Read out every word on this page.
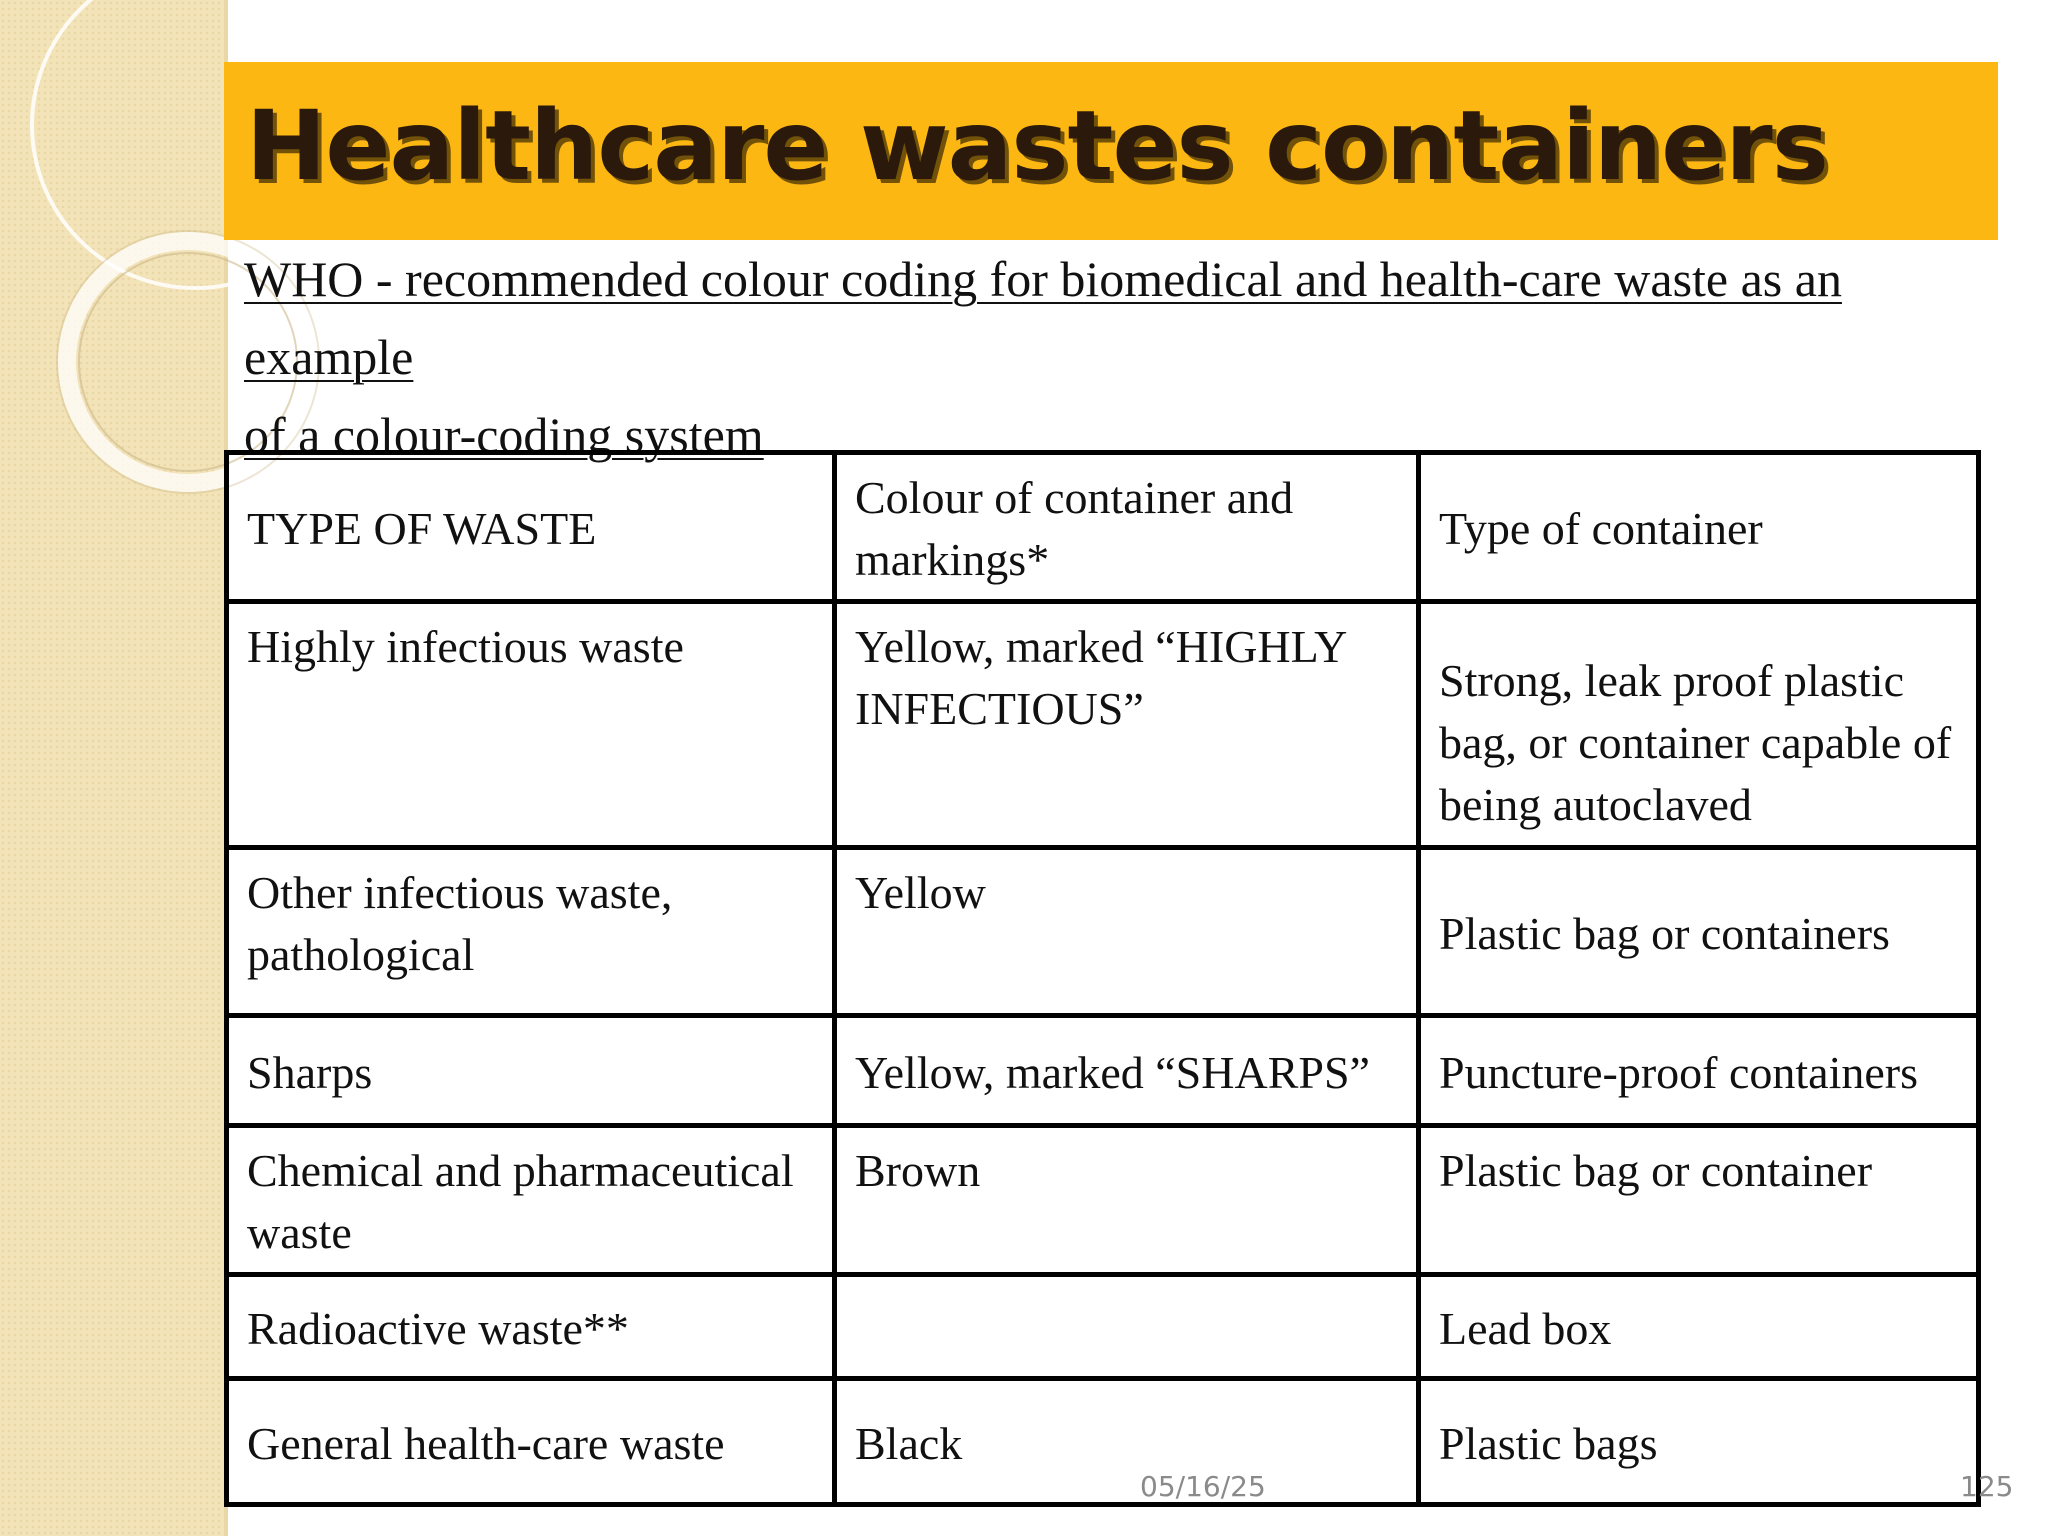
Healthcare wastes containers

WHO - recommended colour coding for biomedical and health-care waste as an example
of a colour-coding system

TYPE OF WASTE	Colour of container and markings*	Type of container
Highly infectious waste	Yellow, marked “HIGHLY INFECTIOUS”	Strong, leak proof plastic bag, or container capable of being autoclaved
Other infectious waste, pathological	Yellow	Plastic bag or containers
Sharps	Yellow, marked “SHARPS”	Puncture-proof containers
Chemical and pharmaceutical waste	Brown	Plastic bag or container
Radioactive waste**		Lead box
General health-care waste	Black	Plastic bags
05/16/25	125
